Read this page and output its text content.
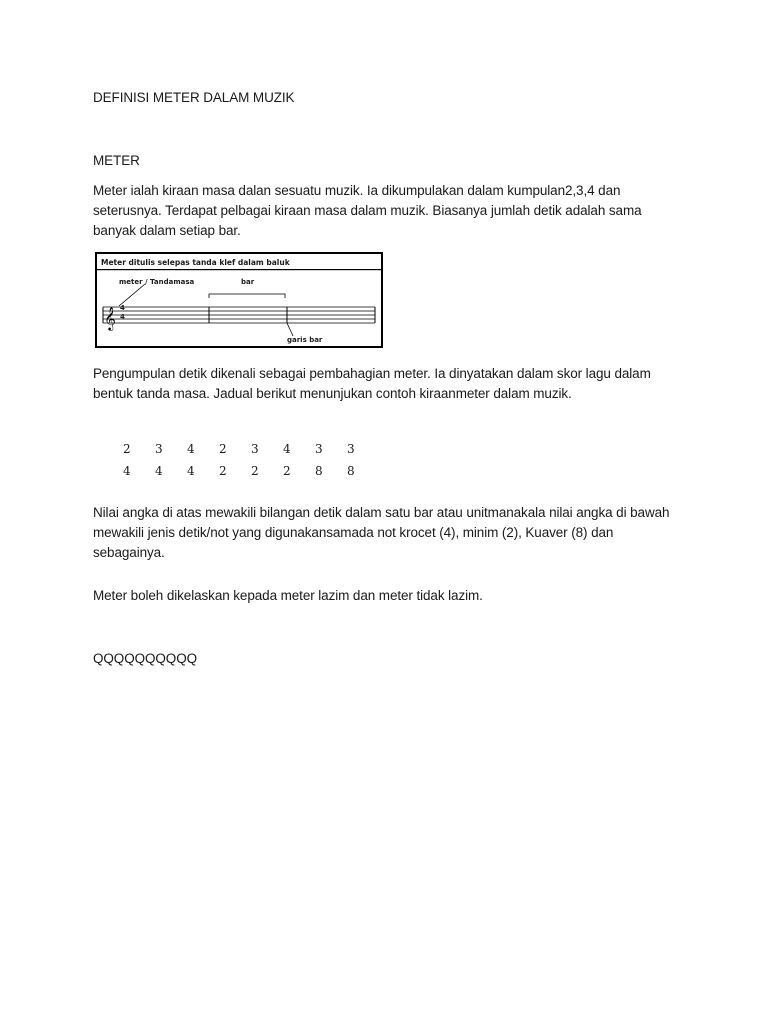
DEFINISI METER DALAM MUZIK
METER
Meter ialah kiraan masa dalan sesuatu muzik. Ia dikumpulakan dalam kumpulan2,3,4 dan seterusnya. Terdapat pelbagai kiraan masa dalam muzik. Biasanya jumlah detik adalah sama banyak dalam setiap bar.
𝄞
Meter ditulis selepas tanda klef dalam baluk
meter / Tandamasa	bar
garis bar
4
4
Pengumpulan detik dikenali sebagai pembahagian meter. Ia dinyatakan dalam skor lagu dalam bentuk tanda masa. Jadual berikut menunjukan contoh kiraanmeter dalam muzik.
2	3	4	2	3	4	3	3
4	4	4	2	2	2	8	8
Nilai angka di atas mewakili bilangan detik dalam satu bar atau unitmanakala nilai angka di bawah mewakili jenis detik/not yang digunakansamada not krocet (4), minim (2), Kuaver (8) dan sebagainya.
Meter boleh dikelaskan kepada meter lazim dan meter tidak lazim.
QQQQQQQQQQ
